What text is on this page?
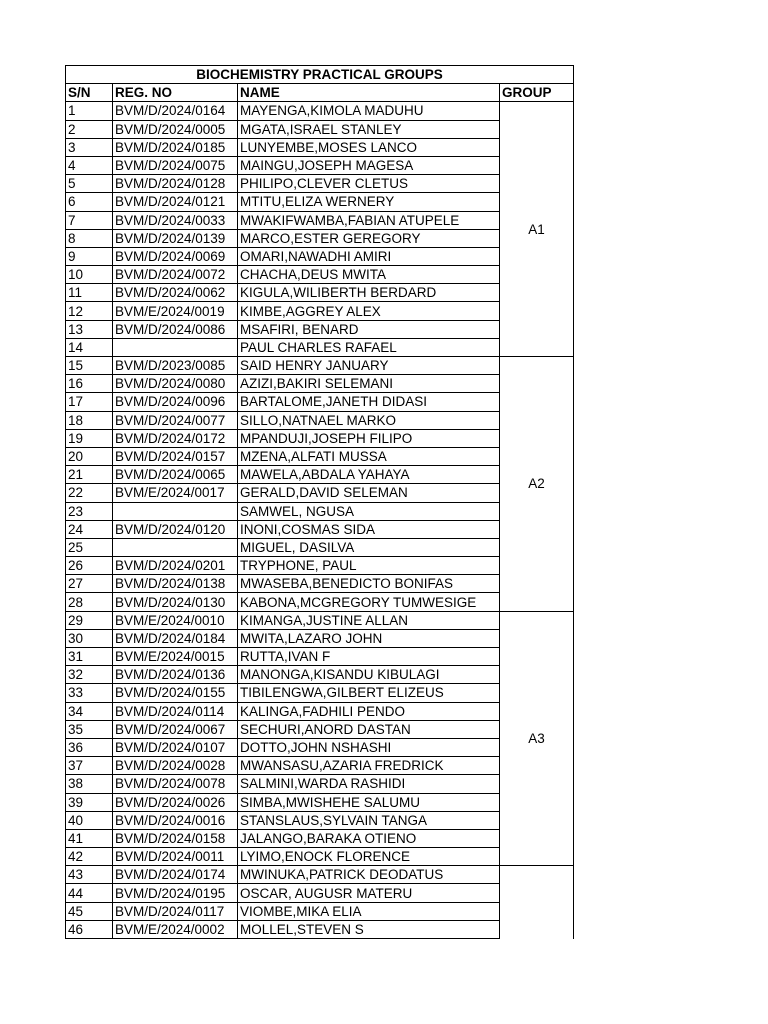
BIOCHEMISTRY PRACTICAL GROUPS			
S/N	REG. NO	NAME	GROUP
1	BVM/D/2024/0164	MAYENGA,KIMOLA MADUHU	A1
2	BVM/D/2024/0005	MGATA,ISRAEL STANLEY	
3	BVM/D/2024/0185	LUNYEMBE,MOSES LANCO	
4	BVM/D/2024/0075	MAINGU,JOSEPH MAGESA	
5	BVM/D/2024/0128	PHILIPO,CLEVER CLETUS	
6	BVM/D/2024/0121	MTITU,ELIZA WERNERY	
7	BVM/D/2024/0033	MWAKIFWAMBA,FABIAN ATUPELE	
8	BVM/D/2024/0139	MARCO,ESTER GEREGORY	
9	BVM/D/2024/0069	OMARI,NAWADHI AMIRI	
10	BVM/D/2024/0072	CHACHA,DEUS MWITA	
11	BVM/D/2024/0062	KIGULA,WILIBERTH BERDARD	
12	BVM/E/2024/0019	KIMBE,AGGREY ALEX	
13	BVM/D/2024/0086	MSAFIRI, BENARD	
14		PAUL CHARLES RAFAEL	
15	BVM/D/2023/0085	SAID HENRY JANUARY	A2
16	BVM/D/2024/0080	AZIZI,BAKIRI SELEMANI	
17	BVM/D/2024/0096	BARTALOME,JANETH DIDASI	
18	BVM/D/2024/0077	SILLO,NATNAEL MARKO	
19	BVM/D/2024/0172	MPANDUJI,JOSEPH FILIPO	
20	BVM/D/2024/0157	MZENA,ALFATI MUSSA	
21	BVM/D/2024/0065	MAWELA,ABDALA YAHAYA	
22	BVM/E/2024/0017	GERALD,DAVID SELEMAN	
23		SAMWEL, NGUSA	
24	BVM/D/2024/0120	INONI,COSMAS SIDA	
25		MIGUEL, DASILVA	
26	BVM/D/2024/0201	TRYPHONE, PAUL	
27	BVM/D/2024/0138	MWASEBA,BENEDICTO BONIFAS	
28	BVM/D/2024/0130	KABONA,MCGREGORY TUMWESIGE	
29	BVM/E/2024/0010	KIMANGA,JUSTINE ALLAN	A3
30	BVM/D/2024/0184	MWITA,LAZARO JOHN	
31	BVM/E/2024/0015	RUTTA,IVAN F	
32	BVM/D/2024/0136	MANONGA,KISANDU KIBULAGI	
33	BVM/D/2024/0155	TIBILENGWA,GILBERT ELIZEUS	
34	BVM/D/2024/0114	KALINGA,FADHILI PENDO	
35	BVM/D/2024/0067	SECHURI,ANORD DASTAN	
36	BVM/D/2024/0107	DOTTO,JOHN NSHASHI	
37	BVM/D/2024/0028	MWANSASU,AZARIA FREDRICK	
38	BVM/D/2024/0078	SALMINI,WARDA RASHIDI	
39	BVM/D/2024/0026	SIMBA,MWISHEHE SALUMU	
40	BVM/D/2024/0016	STANSLAUS,SYLVAIN TANGA	
41	BVM/D/2024/0158	JALANGO,BARAKA OTIENO	
42	BVM/D/2024/0011	LYIMO,ENOCK FLORENCE	
43	BVM/D/2024/0174	MWINUKA,PATRICK DEODATUS	
44	BVM/D/2024/0195	OSCAR, AUGUSR MATERU	
45	BVM/D/2024/0117	VIOMBE,MIKA ELIA	
46	BVM/E/2024/0002	MOLLEL,STEVEN S	
